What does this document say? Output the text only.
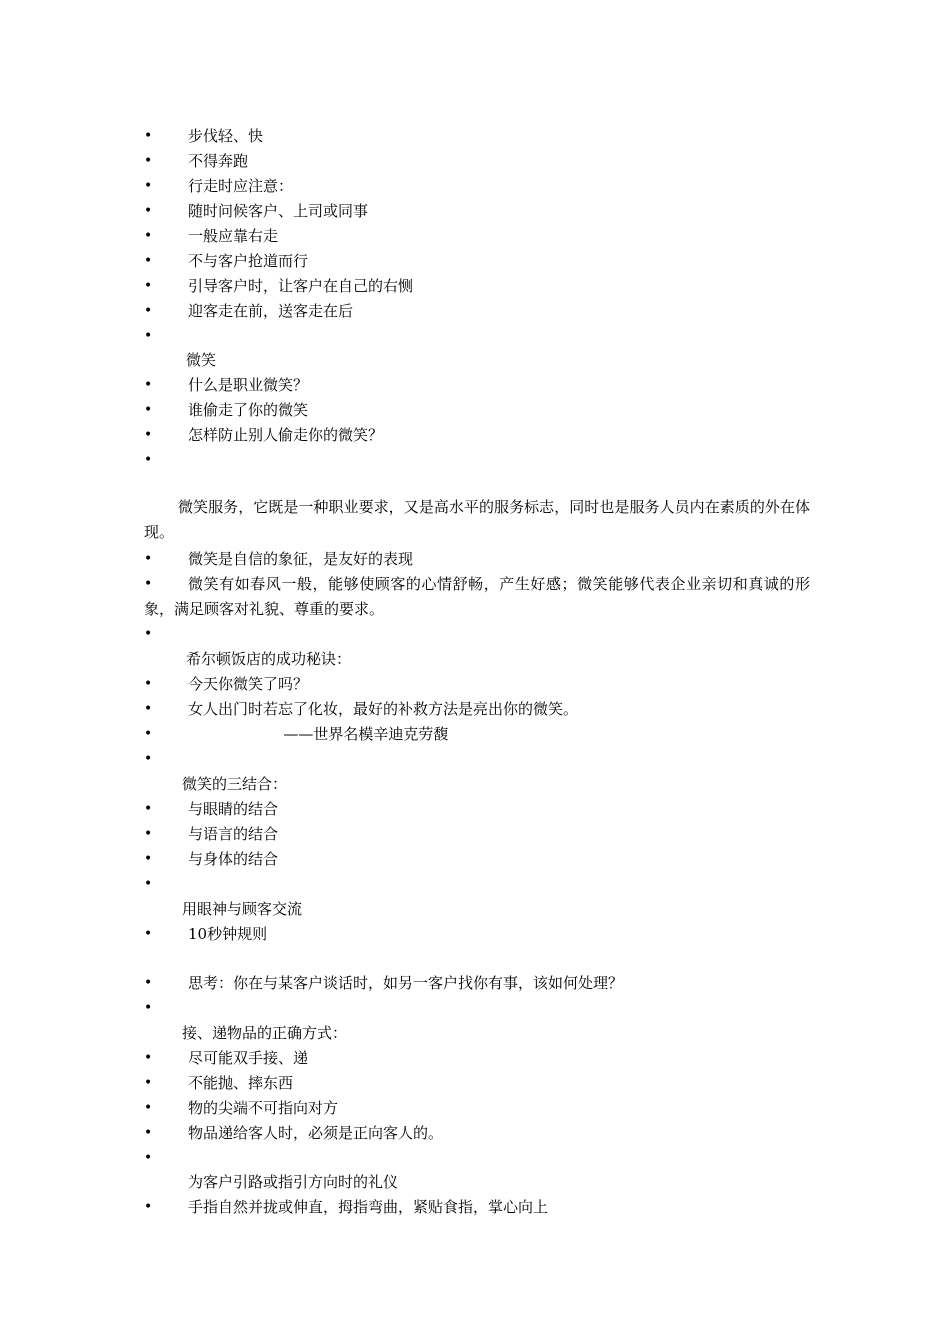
• 步伐轻、快
• 不得奔跑
• 行走时应注意：
• 随时问候客户、上司或同事
• 一般应靠右走
• 不与客户抢道而行
• 引导客户时，让客户在自己的右恻
• 迎客走在前，送客走在后
•
微笑
• 什么是职业微笑？
• 谁偷走了你的微笑
• 怎样防止别人偷走你的微笑？
•
微笑服务，它既是一种职业要求，又是高水平的服务标志，同时也是服务人员内在素质的外在体现。
• 微笑是自信的象征，是友好的表现
•	微笑有如春风一般，能够使顾客的心情舒畅，产生好感；微笑能够代表企业亲切和真诚的形象，满足顾客对礼貌、尊重的要求。
•
希尔顿饭店的成功秘诀：
• 今天你微笑了吗？
• 女人出门时若忘了化妆，最好的补救方法是亮出你的微笑。
• ——世界名模辛迪克劳馥
•
微笑的三结合：
• 与眼睛的结合
• 与语言的结合
• 与身体的结合
•
用眼神与顾客交流
• 10秒钟规则
• 思考：你在与某客户谈话时，如另一客户找你有事，该如何处理？
•
接、递物品的正确方式：
• 尽可能双手接、递
• 不能抛、摔东西
• 物的尖端不可指向对方
• 物品递给客人时，必须是正向客人的。
•
为客户引路或指引方向时的礼仪
• 手指自然并拢或伸直，拇指弯曲，紧贴食指，掌心向上
